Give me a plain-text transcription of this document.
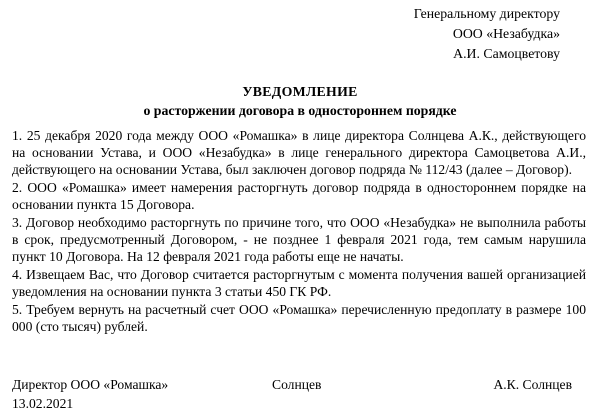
Генеральному директору
ООО «Незабудка»
А.И. Самоцветову
УВЕДОМЛЕНИЕ
о расторжении договора в одностороннем порядке

1. 25 декабря 2020 года между ООО «Ромашка» в лице директора Солнцева А.К., действующего на основании Устава, и ООО «Незабудка» в лице генерального директора Самоцветова А.И., действующего на основании Устава, был заключен договор подряда № 112/43 (далее – Договор).

2. ООО «Ромашка» имеет намерения расторгнуть договор подряда в одностороннем порядке на основании пункта 15 Договора.

3. Договор необходимо расторгнуть по причине того, что ООО «Незабудка» не выполнила работы в срок, предусмотренный Договором, - не позднее 1 февраля 2021 года, тем самым нарушила пункт 10 Договора. На 12 февраля 2021 года работы еще не начаты.

4. Извещаем Вас, что Договор считается расторгнутым с момента получения вашей организацией уведомления на основании пункта 3 статьи 450 ГК РФ.

5. Требуем вернуть на расчетный счет ООО «Ромашка» перечисленную предоплату в размере 100 000 (сто тысяч) рублей.

Директор ООО «Ромашка»	Солнцев	А.К. Солнцев
13.02.2021
